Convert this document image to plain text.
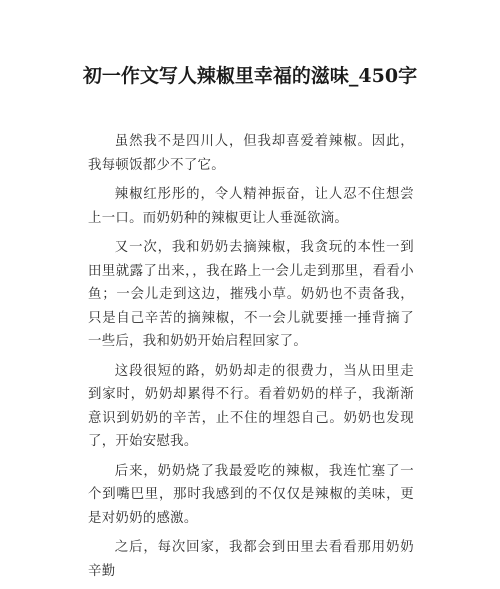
初一作文写人辣椒里幸福的滋味_450字

虽然我不是四川人，但我却喜爱着辣椒。因此，我每顿饭都少不了它。

辣椒红彤彤的，令人精神振奋，让人忍不住想尝上一口。而奶奶种的辣椒更让人垂涎欲滴。

又一次，我和奶奶去摘辣椒，我贪玩的本性一到田里就露了出来，，我在路上一会儿走到那里，看看小鱼；一会儿走到这边，摧残小草。奶奶也不责备我，只是自己辛苦的摘辣椒，不一会儿就要捶一捶背摘了一些后，我和奶奶开始启程回家了。

这段很短的路，奶奶却走的很费力，当从田里走到家时，奶奶却累得不行。看着奶奶的样子，我渐渐意识到奶奶的辛苦，止不住的埋怨自己。奶奶也发现了，开始安慰我。

后来，奶奶烧了我最爱吃的辣椒，我连忙塞了一个到嘴巴里，那时我感到的不仅仅是辣椒的美味，更是对奶奶的感激。

之后，每次回家，我都会到田里去看看那用奶奶辛勤
